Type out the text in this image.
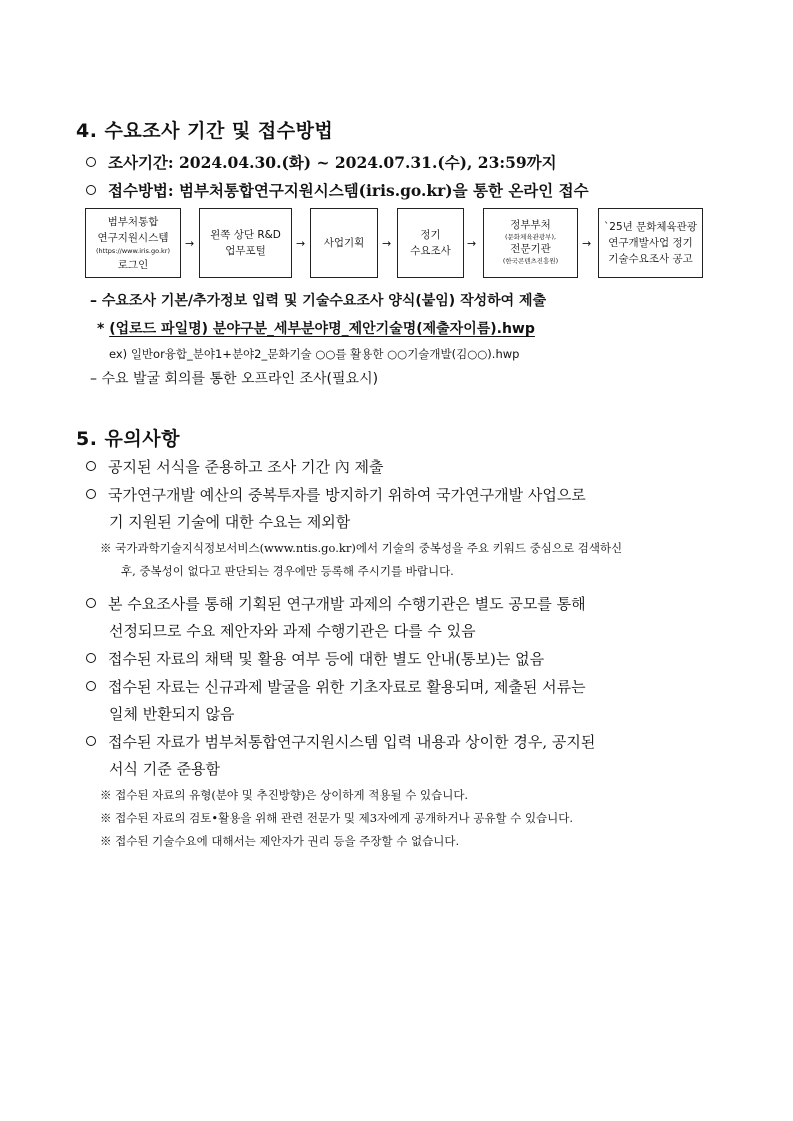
4. 수요조사 기간 및 접수방법
조사기간: 2024.04.30.(화) ~ 2024.07.31.(수), 23:59까지
접수방법: 범부처통합연구지원시스템(iris.go.kr)을 통한 온라인 접수
범부처통합
연구지원시스템
(https://www.iris.go.kr)
로그인
→
왼쪽 상단 R&D
업무포털
→ 사업기획 →
정기
수요조사
→
정부부처
(문화체육관광부),
전문기관
(한국콘텐츠진흥원)
→
`25년 문화체육관광
연구개발사업 정기
기술수요조사 공고
– 수요조사 기본/추가정보 입력 및 기술수요조사 양식(붙임) 작성하여 제출
* (업로드 파일명) 분야구분_세부분야명_제안기술명(제출자이름).hwp
ex) 일반or융합_분야1+분야2_문화기술 ○○를 활용한 ○○기술개발(김○○).hwp
– 수요 발굴 회의를 통한 오프라인 조사(필요시)
5. 유의사항
공지된 서식을 준용하고 조사 기간 內 제출
국가연구개발 예산의 중복투자를 방지하기 위하여 국가연구개발 사업으로
기 지원된 기술에 대한 수요는 제외함
※ 국가과학기술지식정보서비스(www.ntis.go.kr)에서 기술의 중복성을 주요 키워드 중심으로 검색하신
후, 중복성이 없다고 판단되는 경우에만 등록해 주시기를 바랍니다.
본 수요조사를 통해 기획된 연구개발 과제의 수행기관은 별도 공모를 통해
선정되므로 수요 제안자와 과제 수행기관은 다를 수 있음
접수된 자료의 채택 및 활용 여부 등에 대한 별도 안내(통보)는 없음
접수된 자료는 신규과제 발굴을 위한 기초자료로 활용되며, 제출된 서류는
일체 반환되지 않음
접수된 자료가 범부처통합연구지원시스템 입력 내용과 상이한 경우, 공지된
서식 기준 준용함
※ 접수된 자료의 유형(분야 및 추진방향)은 상이하게 적용될 수 있습니다.
※ 접수된 자료의 검토•활용을 위해 관련 전문가 및 제3자에게 공개하거나 공유할 수 있습니다.
※ 접수된 기술수요에 대해서는 제안자가 권리 등을 주장할 수 없습니다.
